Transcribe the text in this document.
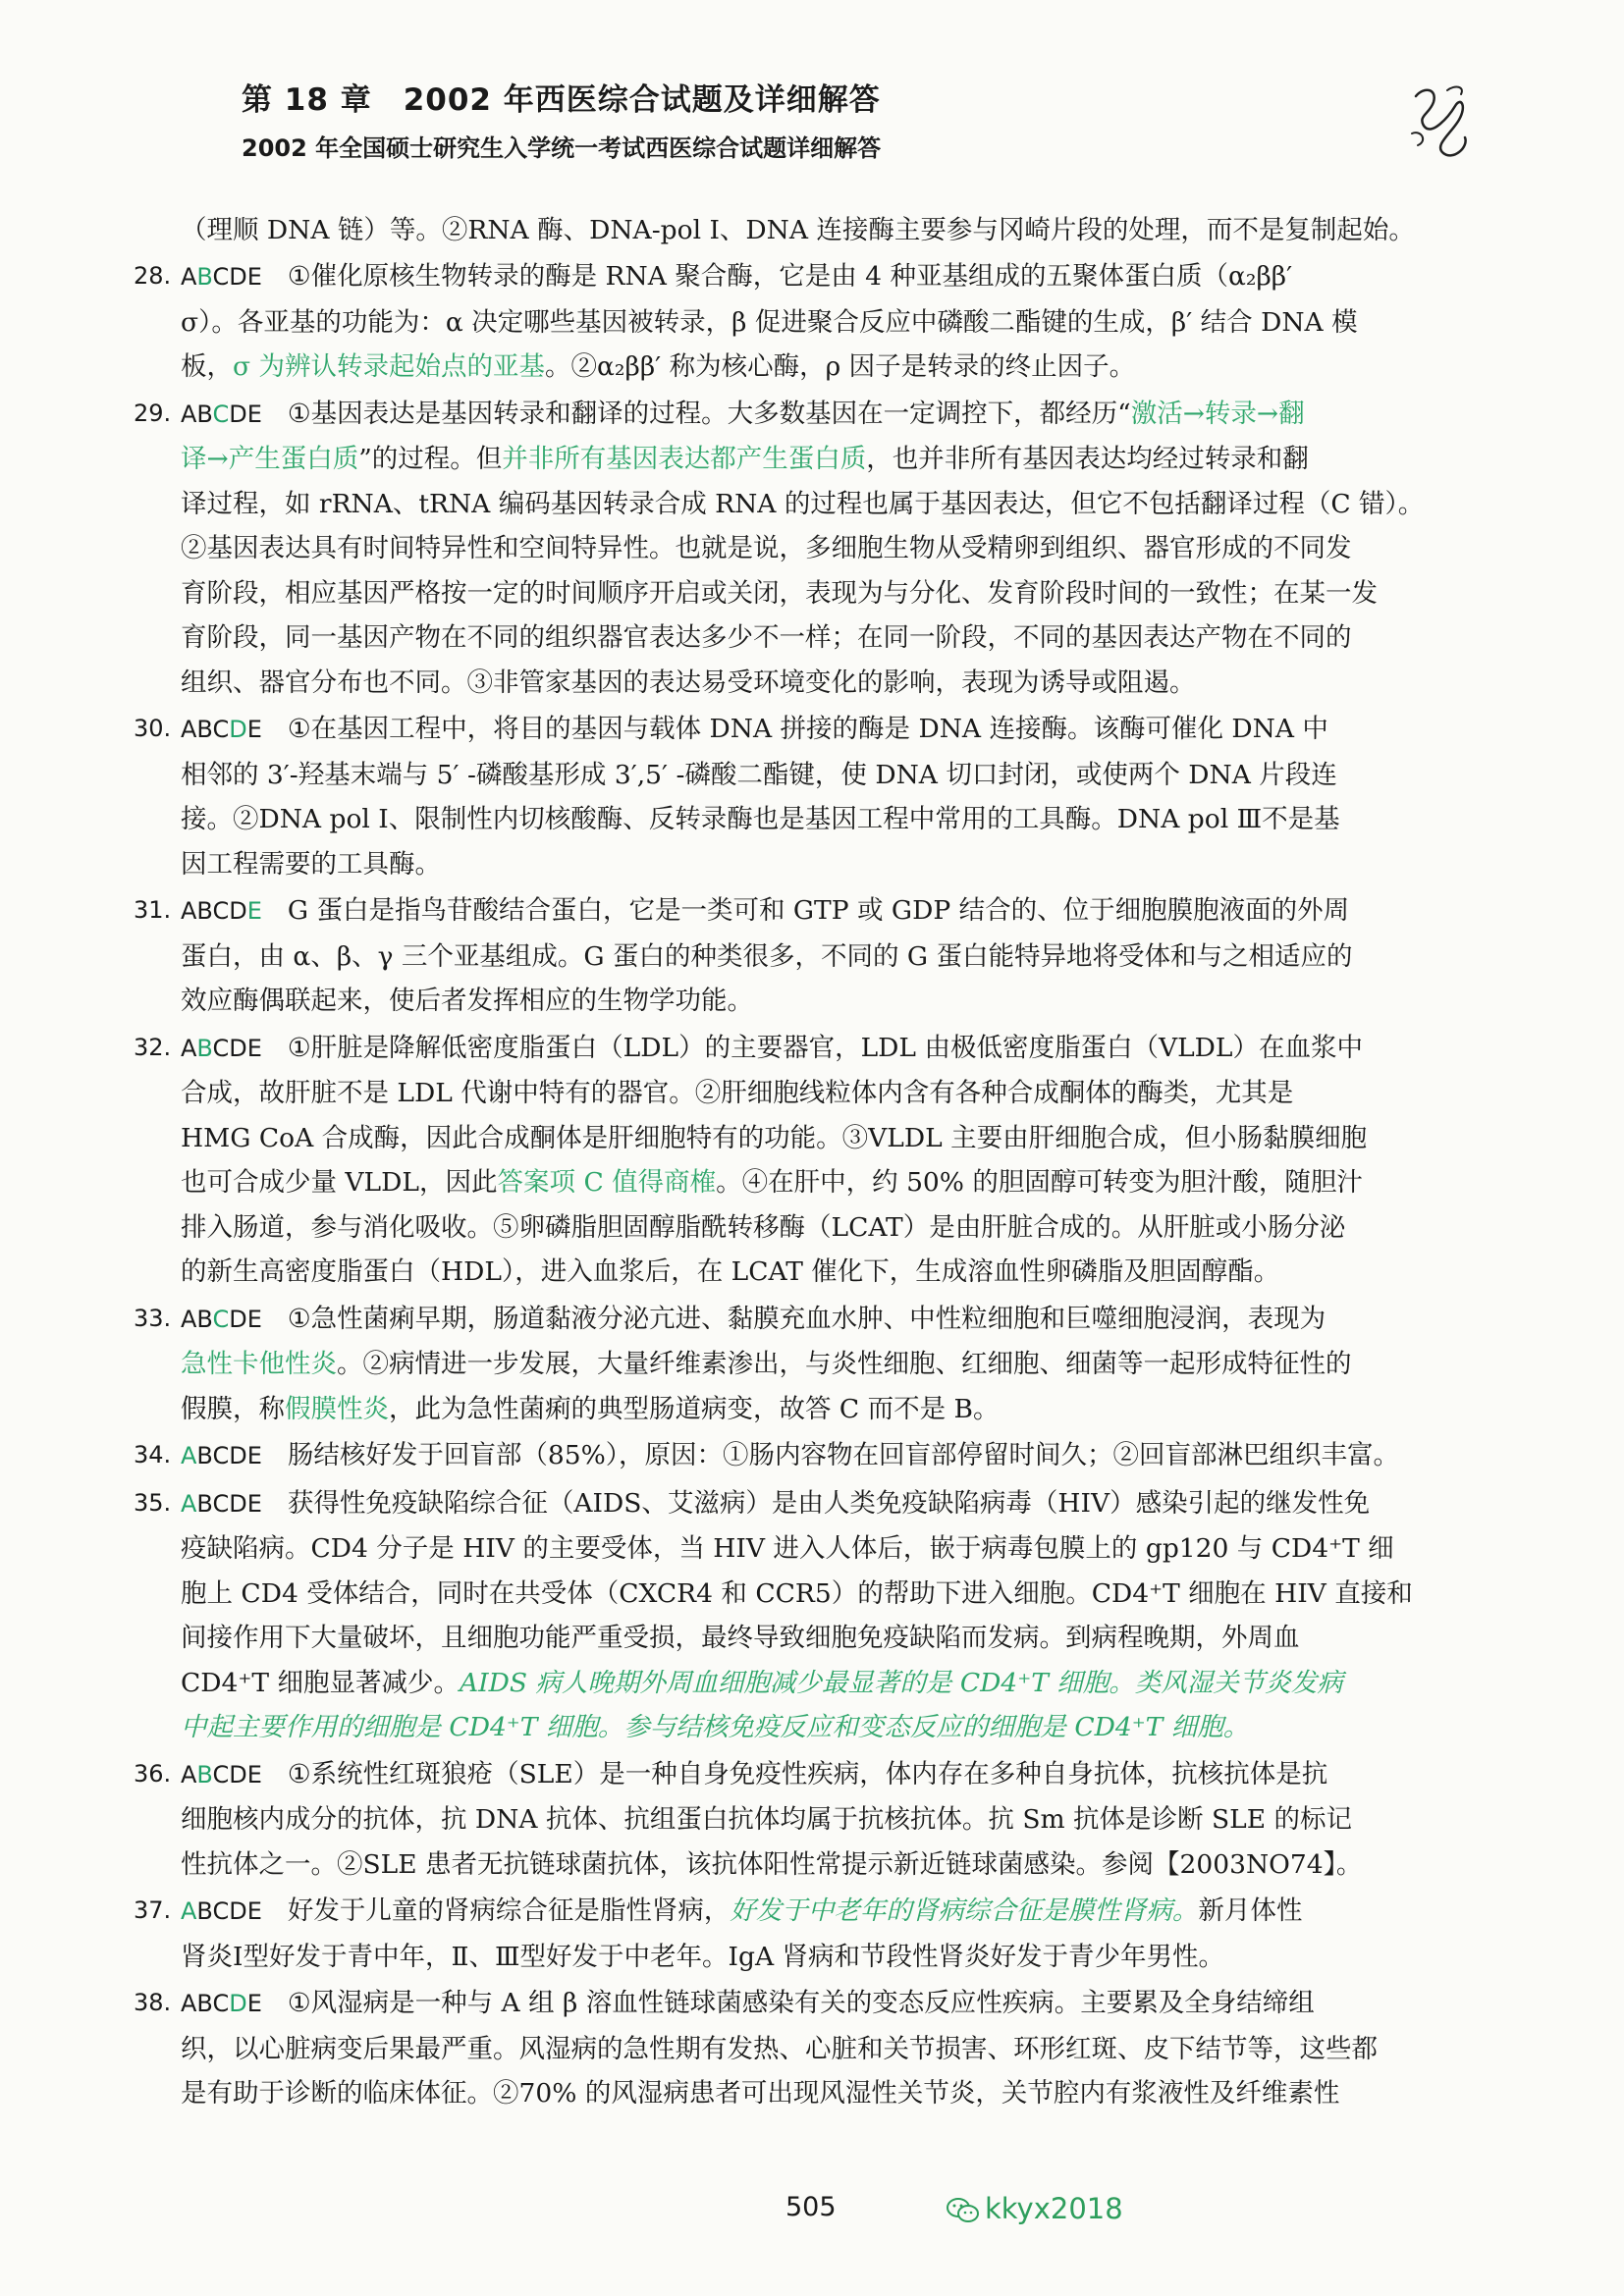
第 18 章　2002 年西医综合试题及详细解答
2002 年全国硕士研究生入学统一考试西医综合试题详细解答
（理顺 DNA 链）等。②RNA 酶、DNA-pol Ⅰ、DNA 连接酶主要参与冈崎片段的处理，而不是复制起始。
28. ABCDE ①催化原核生物转录的酶是 RNA 聚合酶，它是由 4 种亚基组成的五聚体蛋白质（α₂ββ′
σ）。各亚基的功能为：α 决定哪些基因被转录，β 促进聚合反应中磷酸二酯键的生成，β′ 结合 DNA 模
板，σ 为辨认转录起始点的亚基。②α₂ββ′ 称为核心酶，ρ 因子是转录的终止因子。
29. ABCDE ①基因表达是基因转录和翻译的过程。大多数基因在一定调控下，都经历“激活→转录→翻
译→产生蛋白质”的过程。但并非所有基因表达都产生蛋白质，也并非所有基因表达均经过转录和翻
译过程，如 rRNA、tRNA 编码基因转录合成 RNA 的过程也属于基因表达，但它不包括翻译过程（C 错）。
②基因表达具有时间特异性和空间特异性。也就是说，多细胞生物从受精卵到组织、器官形成的不同发
育阶段，相应基因严格按一定的时间顺序开启或关闭，表现为与分化、发育阶段时间的一致性；在某一发
育阶段，同一基因产物在不同的组织器官表达多少不一样；在同一阶段，不同的基因表达产物在不同的
组织、器官分布也不同。③非管家基因的表达易受环境变化的影响，表现为诱导或阻遏。
30. ABCDE ①在基因工程中，将目的基因与载体 DNA 拼接的酶是 DNA 连接酶。该酶可催化 DNA 中
相邻的 3′-羟基末端与 5′ -磷酸基形成 3′,5′ -磷酸二酯键，使 DNA 切口封闭，或使两个 DNA 片段连
接。②DNA pol Ⅰ、限制性内切核酸酶、反转录酶也是基因工程中常用的工具酶。DNA pol Ⅲ不是基
因工程需要的工具酶。
31. ABCDE G 蛋白是指鸟苷酸结合蛋白，它是一类可和 GTP 或 GDP 结合的、位于细胞膜胞液面的外周
蛋白，由 α、β、γ 三个亚基组成。G 蛋白的种类很多，不同的 G 蛋白能特异地将受体和与之相适应的
效应酶偶联起来，使后者发挥相应的生物学功能。
32. ABCDE ①肝脏是降解低密度脂蛋白（LDL）的主要器官，LDL 由极低密度脂蛋白（VLDL）在血浆中
合成，故肝脏不是 LDL 代谢中特有的器官。②肝细胞线粒体内含有各种合成酮体的酶类，尤其是
HMG CoA 合成酶，因此合成酮体是肝细胞特有的功能。③VLDL 主要由肝细胞合成，但小肠黏膜细胞
也可合成少量 VLDL，因此答案项 C 值得商榷。④在肝中，约 50% 的胆固醇可转变为胆汁酸，随胆汁
排入肠道，参与消化吸收。⑤卵磷脂胆固醇脂酰转移酶（LCAT）是由肝脏合成的。从肝脏或小肠分泌
的新生高密度脂蛋白（HDL），进入血浆后，在 LCAT 催化下，生成溶血性卵磷脂及胆固醇酯。
33. ABCDE ①急性菌痢早期，肠道黏液分泌亢进、黏膜充血水肿、中性粒细胞和巨噬细胞浸润，表现为
急性卡他性炎。②病情进一步发展，大量纤维素渗出，与炎性细胞、红细胞、细菌等一起形成特征性的
假膜，称假膜性炎，此为急性菌痢的典型肠道病变，故答 C 而不是 B。
34. ABCDE 肠结核好发于回盲部（85%），原因：①肠内容物在回盲部停留时间久；②回盲部淋巴组织丰富。
35. ABCDE 获得性免疫缺陷综合征（AIDS、艾滋病）是由人类免疫缺陷病毒（HIV）感染引起的继发性免
疫缺陷病。CD4 分子是 HIV 的主要受体，当 HIV 进入人体后，嵌于病毒包膜上的 gp120 与 CD4⁺T 细
胞上 CD4 受体结合，同时在共受体（CXCR4 和 CCR5）的帮助下进入细胞。CD4⁺T 细胞在 HIV 直接和
间接作用下大量破坏，且细胞功能严重受损，最终导致细胞免疫缺陷而发病。到病程晚期，外周血
CD4⁺T 细胞显著减少。AIDS 病人晚期外周血细胞减少最显著的是 CD4⁺T 细胞。类风湿关节炎发病
中起主要作用的细胞是 CD4⁺T 细胞。参与结核免疫反应和变态反应的细胞是 CD4⁺T 细胞。
36. ABCDE ①系统性红斑狼疮（SLE）是一种自身免疫性疾病，体内存在多种自身抗体，抗核抗体是抗
细胞核内成分的抗体，抗 DNA 抗体、抗组蛋白抗体均属于抗核抗体。抗 Sm 抗体是诊断 SLE 的标记
性抗体之一。②SLE 患者无抗链球菌抗体，该抗体阳性常提示新近链球菌感染。参阅【2003NO74】。
37. ABCDE 好发于儿童的肾病综合征是脂性肾病，好发于中老年的肾病综合征是膜性肾病。新月体性
肾炎Ⅰ型好发于青中年，Ⅱ、Ⅲ型好发于中老年。IgA 肾病和节段性肾炎好发于青少年男性。
38. ABCDE ①风湿病是一种与 A 组 β 溶血性链球菌感染有关的变态反应性疾病。主要累及全身结缔组
织，以心脏病变后果最严重。风湿病的急性期有发热、心脏和关节损害、环形红斑、皮下结节等，这些都
是有助于诊断的临床体征。②70% 的风湿病患者可出现风湿性关节炎，关节腔内有浆液性及纤维素性
505	kkyx2018
